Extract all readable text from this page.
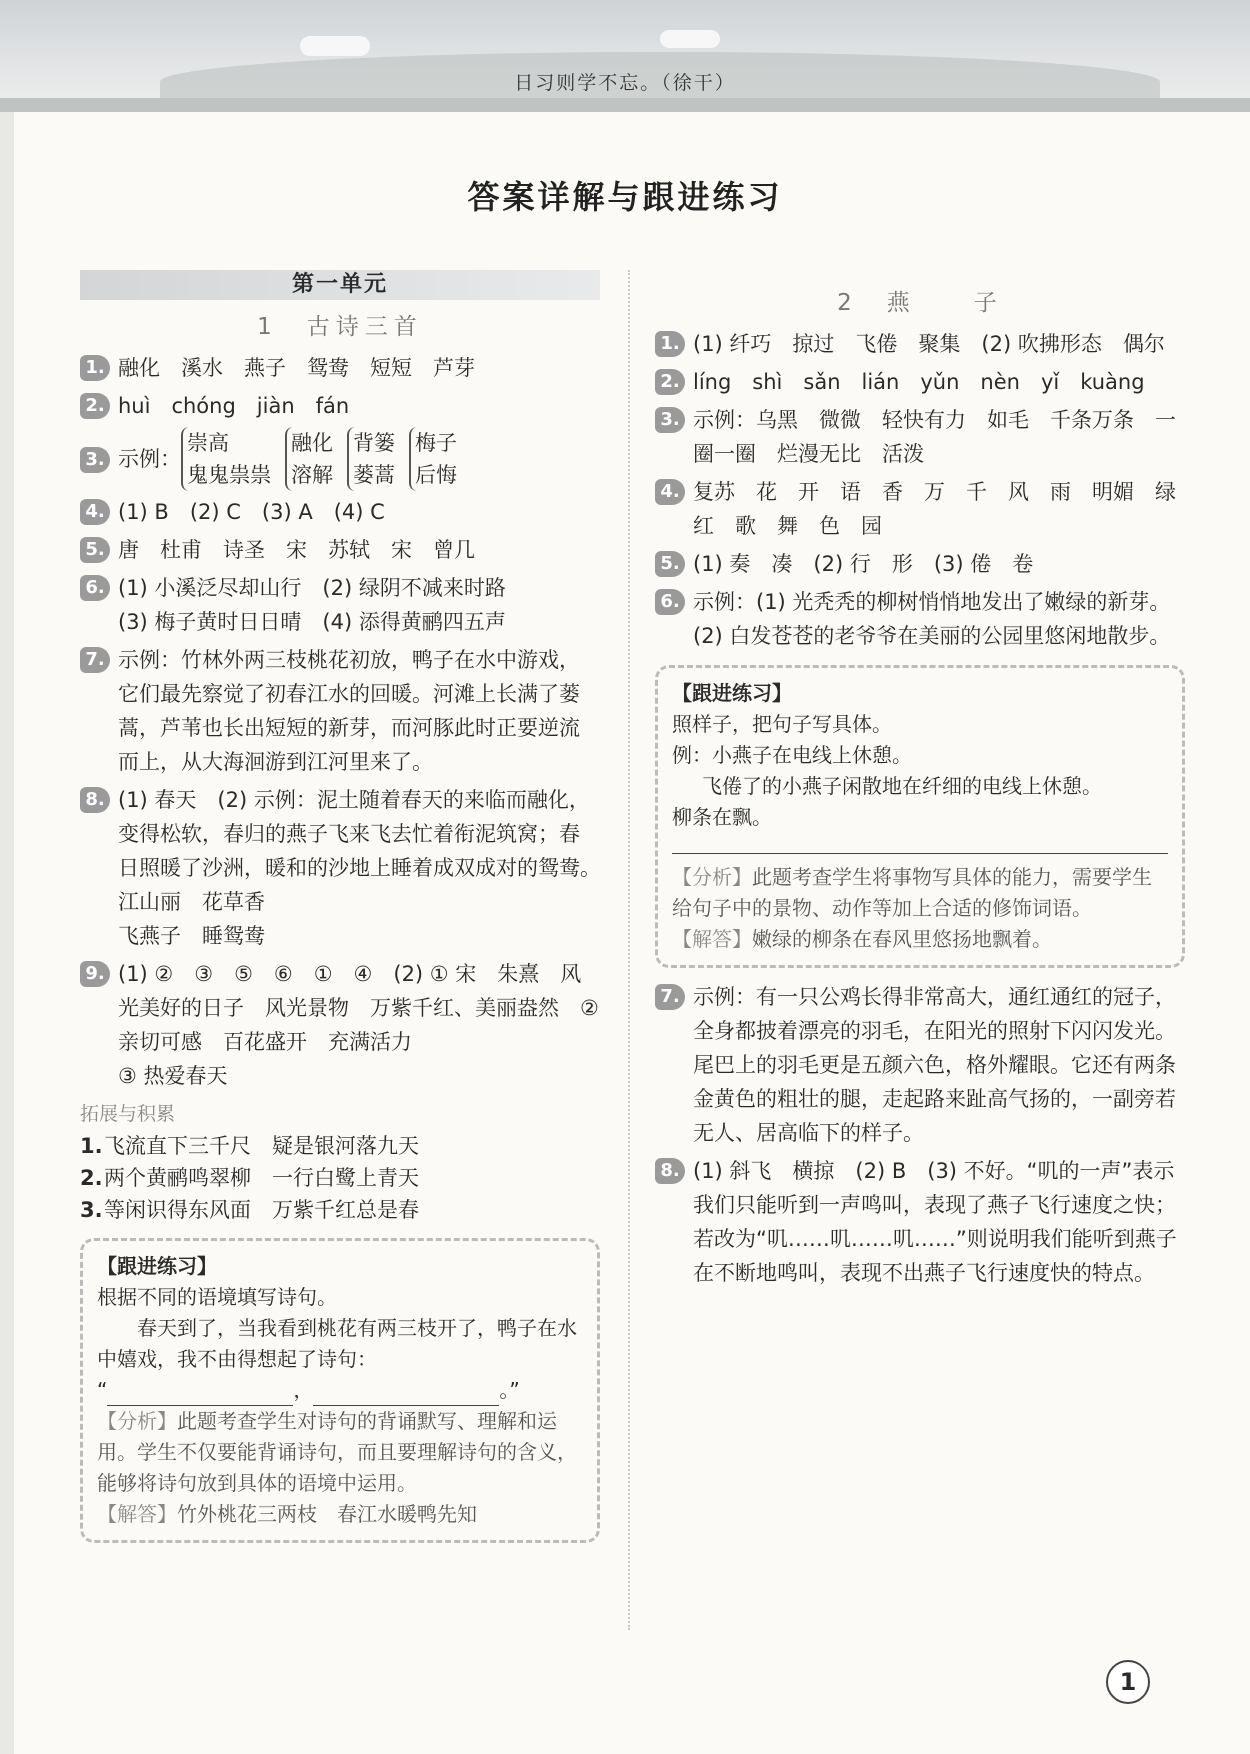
日习则学不忘。（徐干）
答案详解与跟进练习
第一单元
1　古诗三首
1. 融化　溪水　燕子　鸳鸯　短短　芦芽
2. huì　chóng　jiàn　fán
3. 示例：
崇高
鬼鬼祟祟
融化
溶解
背篓
蒌蒿
梅子
后悔
4. (1) B　(2) C　(3) A　(4) C
5. 唐　杜甫　诗圣　宋　苏轼　宋　曾几
6. (1) 小溪泛尽却山行　(2) 绿阴不减来时路

(3) 梅子黄时日日晴　(4) 添得黄鹂四五声

7. 示例：竹林外两三枝桃花初放，鸭子在水中游戏，它们最先察觉了初春江水的回暖。河滩上长满了蒌蒿，芦苇也长出短短的新芽，而河豚此时正要逆流而上，从大海洄游到江河里来了。
8. (1) 春天　(2) 示例：泥土随着春天的来临而融化，变得松软，春归的燕子飞来飞去忙着衔泥筑窝；春日照暖了沙洲，暖和的沙地上睡着成双成对的鸳鸯。　江山丽　花草香
飞燕子　睡鸳鸯
9. (1) ②　③　⑤　⑥　①　④　(2) ① 宋　朱熹　风光美好的日子　风光景物　万紫千红、美丽盎然　② 亲切可感　百花盛开　充满活力
③ 热爱春天
拓展与积累
1.飞流直下三千尺　疑是银河落九天
2.两个黄鹂鸣翠柳　一行白鹭上青天
3.等闲识得东风面　万紫千红总是春
【跟进练习】
根据不同的语境填写诗句。
春天到了，当我看到桃花有两三枝开了，鸭子在水中嬉戏，我不由得想起了诗句：
“	，	。”
【分析】此题考查学生对诗句的背诵默写、理解和运用。学生不仅要能背诵诗句，而且要理解诗句的含义，能够将诗句放到具体的语境中运用。
【解答】竹外桃花三两枝　春江水暖鸭先知
2　燕　　子
1. (1) 纤巧　掠过　飞倦　聚集　(2) 吹拂形态　偶尔
2. líng　shì　sǎn　lián　yǔn　nèn　yǐ　kuàng
3. 示例：乌黑　微微　轻快有力　如毛　千条万条　一圈一圈　烂漫无比　活泼
4. 复苏　花　开　语　香　万　千　风　雨　明媚　绿　红　歌　舞　色　园
5. (1) 奏　凑　(2) 行　形　(3) 倦　卷
6. 示例：(1) 光秃秃的柳树悄悄地发出了嫩绿的新芽。　(2) 白发苍苍的老爷爷在美丽的公园里悠闲地散步。
【跟进练习】
照样子，把句子写具体。
例：小燕子在电线上休憩。
飞倦了的小燕子闲散地在纤细的电线上休憩。
柳条在飘。
【分析】此题考查学生将事物写具体的能力，需要学生给句子中的景物、动作等加上合适的修饰词语。
【解答】嫩绿的柳条在春风里悠扬地飘着。
7. 示例：有一只公鸡长得非常高大，通红通红的冠子，全身都披着漂亮的羽毛，在阳光的照射下闪闪发光。尾巴上的羽毛更是五颜六色，格外耀眼。它还有两条金黄色的粗壮的腿，走起路来趾高气扬的，一副旁若无人、居高临下的样子。
8. (1) 斜飞　横掠　(2) B　(3) 不好。“叽的一声”表示我们只能听到一声鸣叫，表现了燕子飞行速度之快；若改为“叽……叽……叽……”则说明我们能听到燕子在不断地鸣叫，表现不出燕子飞行速度快的特点。
1
